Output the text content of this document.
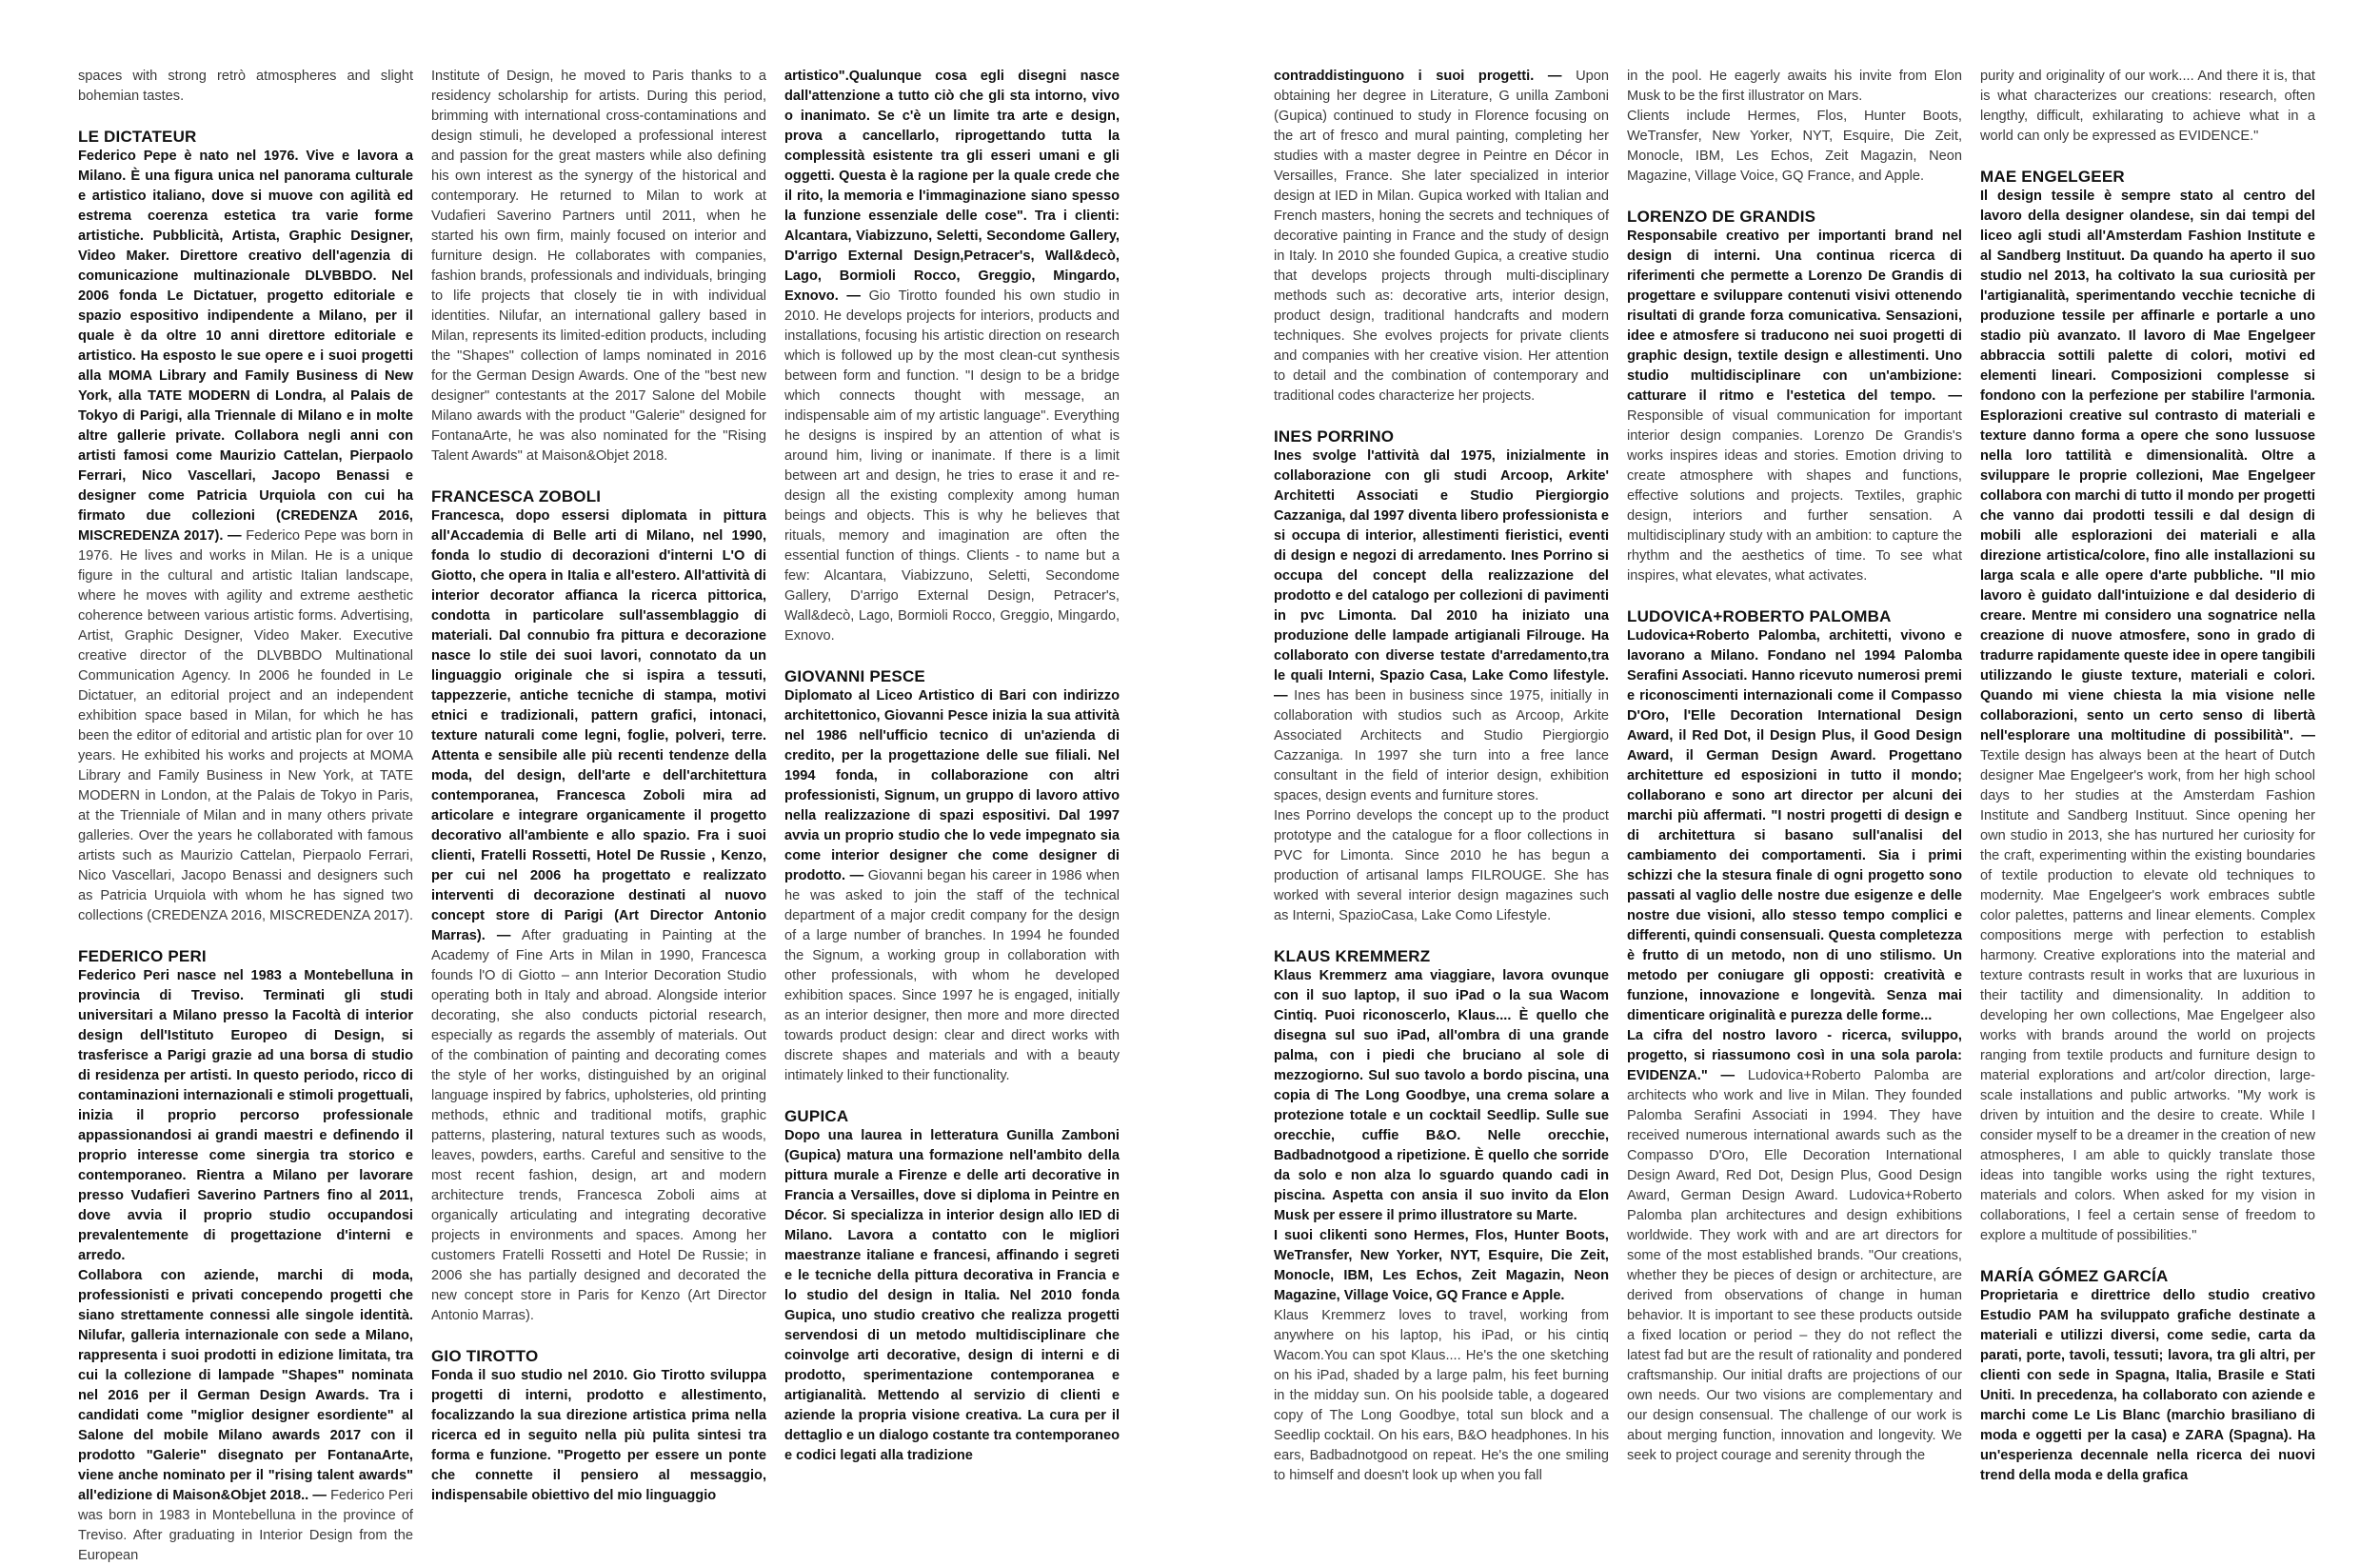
spaces with strong retrò atmospheres and slight bohemian tastes.

LE DICTATEUR

Federico Pepe è nato nel 1976. Vive e lavora a Milano. È una figura unica nel panorama culturale e artistico italiano, dove si muove con agilità ed estrema coerenza estetica tra varie forme artistiche. Pubblicità, Artista, Graphic Designer, Video Maker. Direttore creativo dell'agenzia di comunicazione multinazionale DLVBBDO. Nel 2006 fonda Le Dictatuer, progetto editoriale e spazio espositivo indipendente a Milano, per il quale è da oltre 10 anni direttore editoriale e artistico. Ha esposto le sue opere e i suoi progetti alla MOMA Library and Family Business di New York, alla TATE MODERN di Londra, al Palais de Tokyo di Parigi, alla Triennale di Milano e in molte altre gallerie private. Collabora negli anni con artisti famosi come Maurizio Cattelan, Pierpaolo Ferrari, Nico Vascellari, Jacopo Benassi e designer come Patricia Urquiola con cui ha firmato due collezioni (CREDENZA 2016, MISCREDENZA 2017). — Federico Pepe was born in 1976. He lives and works in Milan. He is a unique figure in the cultural and artistic Italian landscape, where he moves with agility and extreme aesthetic coherence between various artistic forms. Advertising, Artist, Graphic Designer, Video Maker. Executive creative director of the DLVBBDO Multinational Communication Agency. In 2006 he founded in Le Dictatuer, an editorial project and an independent exhibition space based in Milan, for which he has been the editor of editorial and artistic plan for over 10 years. He exhibited his works and projects at MOMA Library and Family Business in New York, at TATE MODERN in London, at the Palais de Tokyo in Paris, at the Trienniale of Milan and in many others private galleries. Over the years he collaborated with famous artists such as Maurizio Cattelan, Pierpaolo Ferrari, Nico Vascellari, Jacopo Benassi and designers such as Patricia Urquiola with whom he has signed two collections (CREDENZA 2016, MISCREDENZA 2017).

FEDERICO PERI

Federico Peri nasce nel 1983 a Montebelluna in provincia di Treviso. Terminati gli studi universitari a Milano presso la Facoltà di interior design dell'Istituto Europeo di Design, si trasferisce a Parigi grazie ad una borsa di studio di residenza per artisti. In questo periodo, ricco di contaminazioni internazionali e stimoli progettuali, inizia il proprio percorso professionale appassionandosi ai grandi maestri e definendo il proprio interesse come sinergia tra storico e contemporaneo. Rientra a Milano per lavorare presso Vudafieri Saverino Partners fino al 2011, dove avvia il proprio studio occupandosi prevalentemente di progettazione d'interni e arredo.

Collabora con aziende, marchi di moda, professionisti e privati concependo progetti che siano strettamente connessi alle singole identità. Nilufar, galleria internazionale con sede a Milano, rappresenta i suoi prodotti in edizione limitata, tra cui la collezione di lampade "Shapes" nominata nel 2016 per il German Design Awards. Tra i candidati come "miglior designer esordiente" al Salone del mobile Milano awards 2017 con il prodotto "Galerie" disegnato per FontanaArte, viene anche nominato per il "rising talent awards" all'edizione di Maison&Objet 2018.. — Federico Peri was born in 1983 in Montebelluna in the province of Treviso. After graduating in Interior Design from the European

Institute of Design, he moved to Paris thanks to a residency scholarship for artists. During this period, brimming with international cross-contaminations and design stimuli, he developed a professional interest and passion for the great masters while also defining his own interest as the synergy of the historical and contemporary. He returned to Milan to work at Vudafieri Saverino Partners until 2011, when he started his own firm, mainly focused on interior and furniture design. He collaborates with companies, fashion brands, professionals and individuals, bringing to life projects that closely tie in with individual identities. Nilufar, an international gallery based in Milan, represents its limited-edition products, including the "Shapes" collection of lamps nominated in 2016 for the German Design Awards. One of the "best new designer" contestants at the 2017 Salone del Mobile Milano awards with the product "Galerie" designed for FontanaArte, he was also nominated for the "Rising Talent Awards" at Maison&Objet 2018.

FRANCESCA ZOBOLI

Francesca, dopo essersi diplomata in pittura all'Accademia di Belle arti di Milano, nel 1990, fonda lo studio di decorazioni d'interni L'O di Giotto, che opera in Italia e all'estero. All'attività di interior decorator affianca la ricerca pittorica, condotta in particolare sull'assemblaggio di materiali. Dal connubio fra pittura e decorazione nasce lo stile dei suoi lavori, connotato da un linguaggio originale che si ispira a tessuti, tappezzerie, antiche tecniche di stampa, motivi etnici e tradizionali, pattern grafici, intonaci, texture naturali come legni, foglie, polveri, terre. Attenta e sensibile alle più recenti tendenze della moda, del design, dell'arte e dell'architettura contemporanea, Francesca Zoboli mira ad articolare e integrare organicamente il progetto decorativo all'ambiente e allo spazio. Fra i suoi clienti, Fratelli Rossetti, Hotel De Russie , Kenzo, per cui nel 2006 ha progettato e realizzato interventi di decorazione destinati al nuovo concept store di Parigi (Art Director Antonio Marras). — After graduating in Painting at the Academy of Fine Arts in Milan in 1990, Francesca founds l'O di Giotto – ann Interior Decoration Studio operating both in Italy and abroad. Alongside interior decorating, she also conducts pictorial research, especially as regards the assembly of materials. Out of the combination of painting and decorating comes the style of her works, distinguished by an original language inspired by fabrics, upholsteries, old printing methods, ethnic and traditional motifs, graphic patterns, plastering, natural textures such as woods, leaves, powders, earths. Careful and sensitive to the most recent fashion, design, art and modern architecture trends, Francesca Zoboli aims at organically articulating and integrating decorative projects in environments and spaces. Among her customers Fratelli Rossetti and Hotel De Russie; in 2006 she has partially designed and decorated the new concept store in Paris for Kenzo (Art Director Antonio Marras).

GIO TIROTTO

Fonda il suo studio nel 2010. Gio Tirotto sviluppa progetti di interni, prodotto e allestimento, focalizzando la sua direzione artistica prima nella ricerca ed in seguito nella più pulita sintesi tra forma e funzione. "Progetto per essere un ponte che connette il pensiero al messaggio, indispensabile obiettivo del mio linguaggio

artistico".Qualunque cosa egli disegni nasce dall'attenzione a tutto ciò che gli sta intorno, vivo o inanimato. Se c'è un limite tra arte e design, prova a cancellarlo, riprogettando tutta la complessità esistente tra gli esseri umani e gli oggetti. Questa è la ragione per la quale crede che il rito, la memoria e l'immaginazione siano spesso la funzione essenziale delle cose". Tra i clienti: Alcantara, Viabizzuno, Seletti, Secondome Gallery, D'arrigo External Design,Petracer's, Wall&decò, Lago, Bormioli Rocco, Greggio, Mingardo, Exnovo. — Gio Tirotto founded his own studio in 2010. He develops projects for interiors, products and installations, focusing his artistic direction on research which is followed up by the most clean-cut synthesis between form and function. "I design to be a bridge which connects thought with message, an indispensable aim of my artistic language". Everything he designs is inspired by an attention of what is around him, living or inanimate. If there is a limit between art and design, he tries to erase it and re-design all the existing complexity among human beings and objects. This is why he believes that rituals, memory and imagination are often the essential function of things. Clients - to name but a few: Alcantara, Viabizzuno, Seletti, Secondome Gallery, D'arrigo External Design, Petracer's, Wall&decò, Lago, Bormioli Rocco, Greggio, Mingardo, Exnovo.

GIOVANNI PESCE

Diplomato al Liceo Artistico di Bari con indirizzo architettonico, Giovanni Pesce inizia la sua attività nel 1986 nell'ufficio tecnico di un'azienda di credito, per la progettazione delle sue filiali. Nel 1994 fonda, in collaborazione con altri professionisti, Signum, un gruppo di lavoro attivo nella realizzazione di spazi espositivi. Dal 1997 avvia un proprio studio che lo vede impegnato sia come interior designer che come designer di prodotto. — Giovanni began his career in 1986 when he was asked to join the staff of the technical department of a major credit company for the design of a large number of branches. In 1994 he founded the Signum, a working group in collaboration with other professionals, with whom he developed exhibition spaces. Since 1997 he is engaged, initially as an interior designer, then more and more directed towards product design: clear and direct works with discrete shapes and materials and with a beauty intimately linked to their functionality.

GUPICA

Dopo una laurea in letteratura Gunilla Zamboni (Gupica) matura una formazione nell'ambito della pittura murale a Firenze e delle arti decorative in Francia a Versailles, dove si diploma in Peintre en Décor. Si specializza in interior design allo IED di Milano. Lavora a contatto con le migliori maestranze italiane e francesi, affinando i segreti e le tecniche della pittura decorativa in Francia e lo studio del design in Italia. Nel 2010 fonda Gupica, uno studio creativo che realizza progetti servendosi di un metodo multidisciplinare che coinvolge arti decorative, design di interni e di prodotto, sperimentazione contemporanea e artigianalità. Mettendo al servizio di clienti e aziende la propria visione creativa. La cura per il dettaglio e un dialogo costante tra contemporaneo e codici legati alla tradizione

contraddistinguono i suoi progetti. — Upon obtaining her degree in Literature, G unilla Zamboni (Gupica) continued to study in Florence focusing on the art of fresco and mural painting, completing her studies with a master degree in Peintre en Décor in Versailles, France. She later specialized in interior design at IED in Milan. Gupica worked with Italian and French masters, honing the secrets and techniques of decorative painting in France and the study of design in Italy. In 2010 she founded Gupica, a creative studio that develops projects through multi-disciplinary methods such as: decorative arts, interior design, product design, traditional handcrafts and modern techniques. She evolves projects for private clients and companies with her creative vision. Her attention to detail and the combination of contemporary and traditional codes characterize her projects.

INES PORRINO

Ines svolge l'attività dal 1975, inizialmente in collaborazione con gli studi Arcoop, Arkite' Architetti Associati e Studio Piergiorgio Cazzaniga, dal 1997 diventa libero professionista e si occupa di interior, allestimenti fieristici, eventi di design e negozi di arredamento. Ines Porrino si occupa del concept della realizzazione del prodotto e del catalogo per collezioni di pavimenti in pvc Limonta. Dal 2010 ha iniziato una produzione delle lampade artigianali Filrouge. Ha collaborato con diverse testate d'arredamento,tra le quali Interni, Spazio Casa, Lake Como lifestyle. — Ines has been in business since 1975, initially in collaboration with studios such as Arcoop, Arkite Associated Architects and Studio Piergiorgio Cazzaniga. In 1997 she turn into a free lance consultant in the field of interior design, exhibition spaces, design events and furniture stores.

Ines Porrino develops the concept up to the product prototype and the catalogue for a floor collections in PVC for Limonta. Since 2010 he has begun a production of artisanal lamps FILROUGE. She has worked with several interior design magazines such as Interni, SpazioCasa, Lake Como Lifestyle.

KLAUS KREMMERZ

Klaus Kremmerz ama viaggiare, lavora ovunque con il suo laptop, il suo iPad o la sua Wacom Cintiq. Puoi riconoscerlo, Klaus.... È quello che disegna sul suo iPad, all'ombra di una grande palma, con i piedi che bruciano al sole di mezzogiorno. Sul suo tavolo a bordo piscina, una copia di The Long Goodbye, una crema solare a protezione totale e un cocktail Seedlip. Sulle sue orecchie, cuffie B&O. Nelle orecchie, Badbadnotgood a ripetizione. È quello che sorride da solo e non alza lo sguardo quando cadi in piscina. Aspetta con ansia il suo invito da Elon Musk per essere il primo illustratore su Marte.

I suoi clikenti sono Hermes, Flos, Hunter Boots, WeTransfer, New Yorker, NYT, Esquire, Die Zeit, Monocle, IBM, Les Echos, Zeit Magazin, Neon Magazine, Village Voice, GQ France e Apple.

Klaus Kremmerz loves to travel, working from anywhere on his laptop, his iPad, or his cintiq Wacom.You can spot Klaus.... He's the one sketching on his iPad, shaded by a large palm, his feet burning in the midday sun. On his poolside table, a dogeared copy of The Long Goodbye, total sun block and a Seedlip cocktail. On his ears, B&O headphones. In his ears, Badbadnotgood on repeat. He's the one smiling to himself and doesn't look up when you fall

in the pool. He eagerly awaits his invite from Elon Musk to be the first illustrator on Mars.

Clients include Hermes, Flos, Hunter Boots, WeTransfer, New Yorker, NYT, Esquire, Die Zeit, Monocle, IBM, Les Echos, Zeit Magazin, Neon Magazine, Village Voice, GQ France, and Apple.

LORENZO DE GRANDIS

Responsabile creativo per importanti brand nel design di interni. Una continua ricerca di riferimenti che permette a Lorenzo De Grandis di progettare e sviluppare contenuti visivi ottenendo risultati di grande forza comunicativa. Sensazioni, idee e atmosfere si traducono nei suoi progetti di graphic design, textile design e allestimenti. Uno studio multidisciplinare con un'ambizione: catturare il ritmo e l'estetica del tempo. — Responsible of visual communication for important interior design companies. Lorenzo De Grandis's works inspires ideas and stories. Emotion driving to create atmosphere with shapes and functions, effective solutions and projects. Textiles, graphic design, interiors and further sensation. A multidisciplinary study with an ambition: to capture the rhythm and the aesthetics of time. To see what inspires, what elevates, what activates.

LUDOVICA+ROBERTO PALOMBA

Ludovica+Roberto Palomba, architetti, vivono e lavorano a Milano. Fondano nel 1994 Palomba Serafini Associati. Hanno ricevuto numerosi premi e riconoscimenti internazionali come il Compasso D'Oro, l'Elle Decoration International Design Award, il Red Dot, il Design Plus, il Good Design Award, il German Design Award. Progettano architetture ed esposizioni in tutto il mondo; collaborano e sono art director per alcuni dei marchi più affermati. "I nostri progetti di design e di architettura si basano sull'analisi del cambiamento dei comportamenti. Sia i primi schizzi che la stesura finale di ogni progetto sono passati al vaglio delle nostre due esigenze e delle nostre due visioni, allo stesso tempo complici e differenti, quindi consensuali. Questa completezza è frutto di un metodo, non di uno stilismo. Un metodo per coniugare gli opposti: creatività e funzione, innovazione e longevità. Senza mai dimenticare originalità e purezza delle forme...

La cifra del nostro lavoro - ricerca, sviluppo, progetto, si riassumono così in una sola parola: EVIDENZA." — Ludovica+Roberto Palomba are architects who work and live in Milan. They founded Palomba Serafini Associati in 1994. They have received numerous international awards such as the Compasso D'Oro, Elle Decoration International Design Award, Red Dot, Design Plus, Good Design Award, German Design Award. Ludovica+Roberto Palomba plan architectures and design exhibitions worldwide. They work with and are art directors for some of the most established brands. "Our creations, whether they be pieces of design or architecture, are derived from observations of change in human behavior. It is important to see these products outside a fixed location or period – they do not reflect the latest fad but are the result of rationality and pondered craftsmanship. Our initial drafts are projections of our own needs. Our two visions are complementary and our design consensual. The challenge of our work is about merging function, innovation and longevity. We seek to project courage and serenity through the

purity and originality of our work.... And there it is, that is what characterizes our creations: research, often lengthy, difficult, exhilarating to achieve what in a world can only be expressed as EVIDENCE."

MAE ENGELGEER

Il design tessile è sempre stato al centro del lavoro della designer olandese, sin dai tempi del liceo agli studi all'Amsterdam Fashion Institute e al Sandberg Instituut. Da quando ha aperto il suo studio nel 2013, ha coltivato la sua curiosità per l'artigianalità, sperimentando vecchie tecniche di produzione tessile per affinarle e portarle a uno stadio più avanzato. Il lavoro di Mae Engelgeer abbraccia sottili palette di colori, motivi ed elementi lineari. Composizioni complesse si fondono con la perfezione per stabilire l'armonia. Esplorazioni creative sul contrasto di materiali e texture danno forma a opere che sono lussuose nella loro tattilità e dimensionalità. Oltre a sviluppare le proprie collezioni, Mae Engelgeer collabora con marchi di tutto il mondo per progetti che vanno dai prodotti tessili e dal design di mobili alle esplorazioni dei materiali e alla direzione artistica/colore, fino alle installazioni su larga scala e alle opere d'arte pubbliche. "Il mio lavoro è guidato dall'intuizione e dal desiderio di creare. Mentre mi considero una sognatrice nella creazione di nuove atmosfere, sono in grado di tradurre rapidamente queste idee in opere tangibili utilizzando le giuste texture, materiali e colori. Quando mi viene chiesta la mia visione nelle collaborazioni, sento un certo senso di libertà nell'esplorare una moltitudine di possibilità". — Textile design has always been at the heart of Dutch designer Mae Engelgeer's work, from her high school days to her studies at the Amsterdam Fashion Institute and Sandberg Instituut. Since opening her own studio in 2013, she has nurtured her curiosity for the craft, experimenting within the existing boundaries of textile production to elevate old techniques to modernity. Mae Engelgeer's work embraces subtle color palettes, patterns and linear elements. Complex compositions merge with perfection to establish harmony. Creative explorations into the material and texture contrasts result in works that are luxurious in their tactility and dimensionality. In addition to developing her own collections, Mae Engelgeer also works with brands around the world on projects ranging from textile products and furniture design to material explorations and art/color direction, large-scale installations and public artworks. "My work is driven by intuition and the desire to create. While I consider myself to be a dreamer in the creation of new atmospheres, I am able to quickly translate those ideas into tangible works using the right textures, materials and colors. When asked for my vision in collaborations, I feel a certain sense of freedom to explore a multitude of possibilities."

MARÍA GÓMEZ GARCÍA

Proprietaria e direttrice dello studio creativo Estudio PAM ha sviluppato grafiche destinate a materiali e utilizzi diversi, come sedie, carta da parati, porte, tavoli, tessuti; lavora, tra gli altri, per clienti con sede in Spagna, Italia, Brasile e Stati Uniti. In precedenza, ha collaborato con aziende e marchi come Le Lis Blanc (marchio brasiliano di moda e oggetti per la casa) e ZARA (Spagna). Ha un'esperienza decennale nella ricerca dei nuovi trend della moda e della grafica
